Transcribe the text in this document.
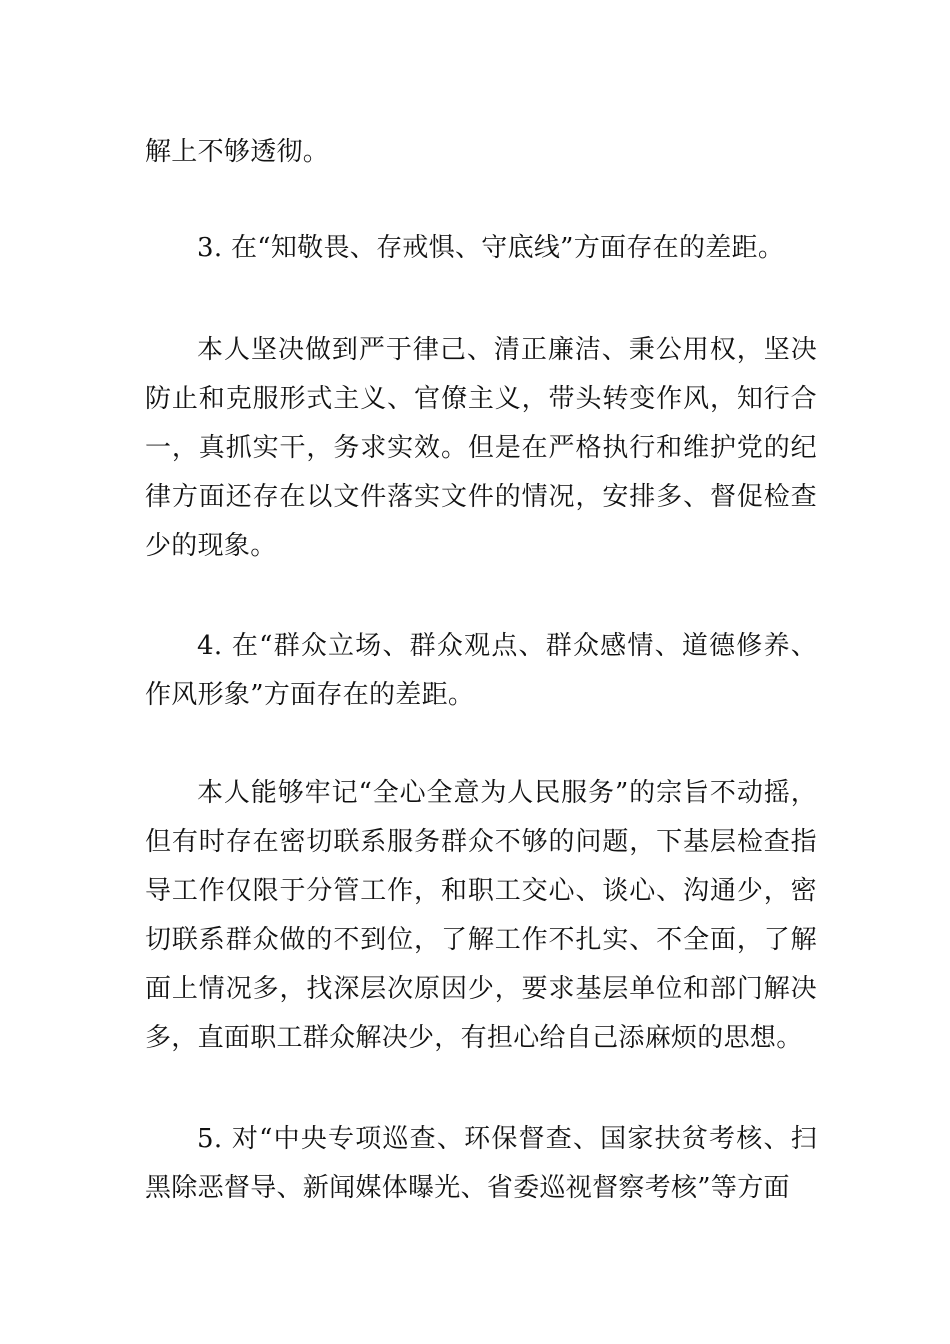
解上不够透彻。

3. 在“知敬畏、存戒惧、守底线”方面存在的差距。

本人坚决做到严于律己、清正廉洁、秉公用权，坚决防止和克服形式主义、官僚主义，带头转变作风，知行合一，真抓实干，务求实效。但是在严格执行和维护党的纪律方面还存在以文件落实文件的情况，安排多、督促检查少的现象。

4. 在“群众立场、群众观点、群众感情、道德修养、作风形象”方面存在的差距。

本人能够牢记“全心全意为人民服务”的宗旨不动摇，但有时存在密切联系服务群众不够的问题，下基层检查指导工作仅限于分管工作，和职工交心、谈心、沟通少，密切联系群众做的不到位，了解工作不扎实、不全面，了解面上情况多，找深层次原因少，要求基层单位和部门解决多，直面职工群众解决少，有担心给自己添麻烦的思想。

5. 对“中央专项巡查、环保督查、国家扶贫考核、扫黑除恶督导、新闻媒体曝光、省委巡视督察考核”等方面
